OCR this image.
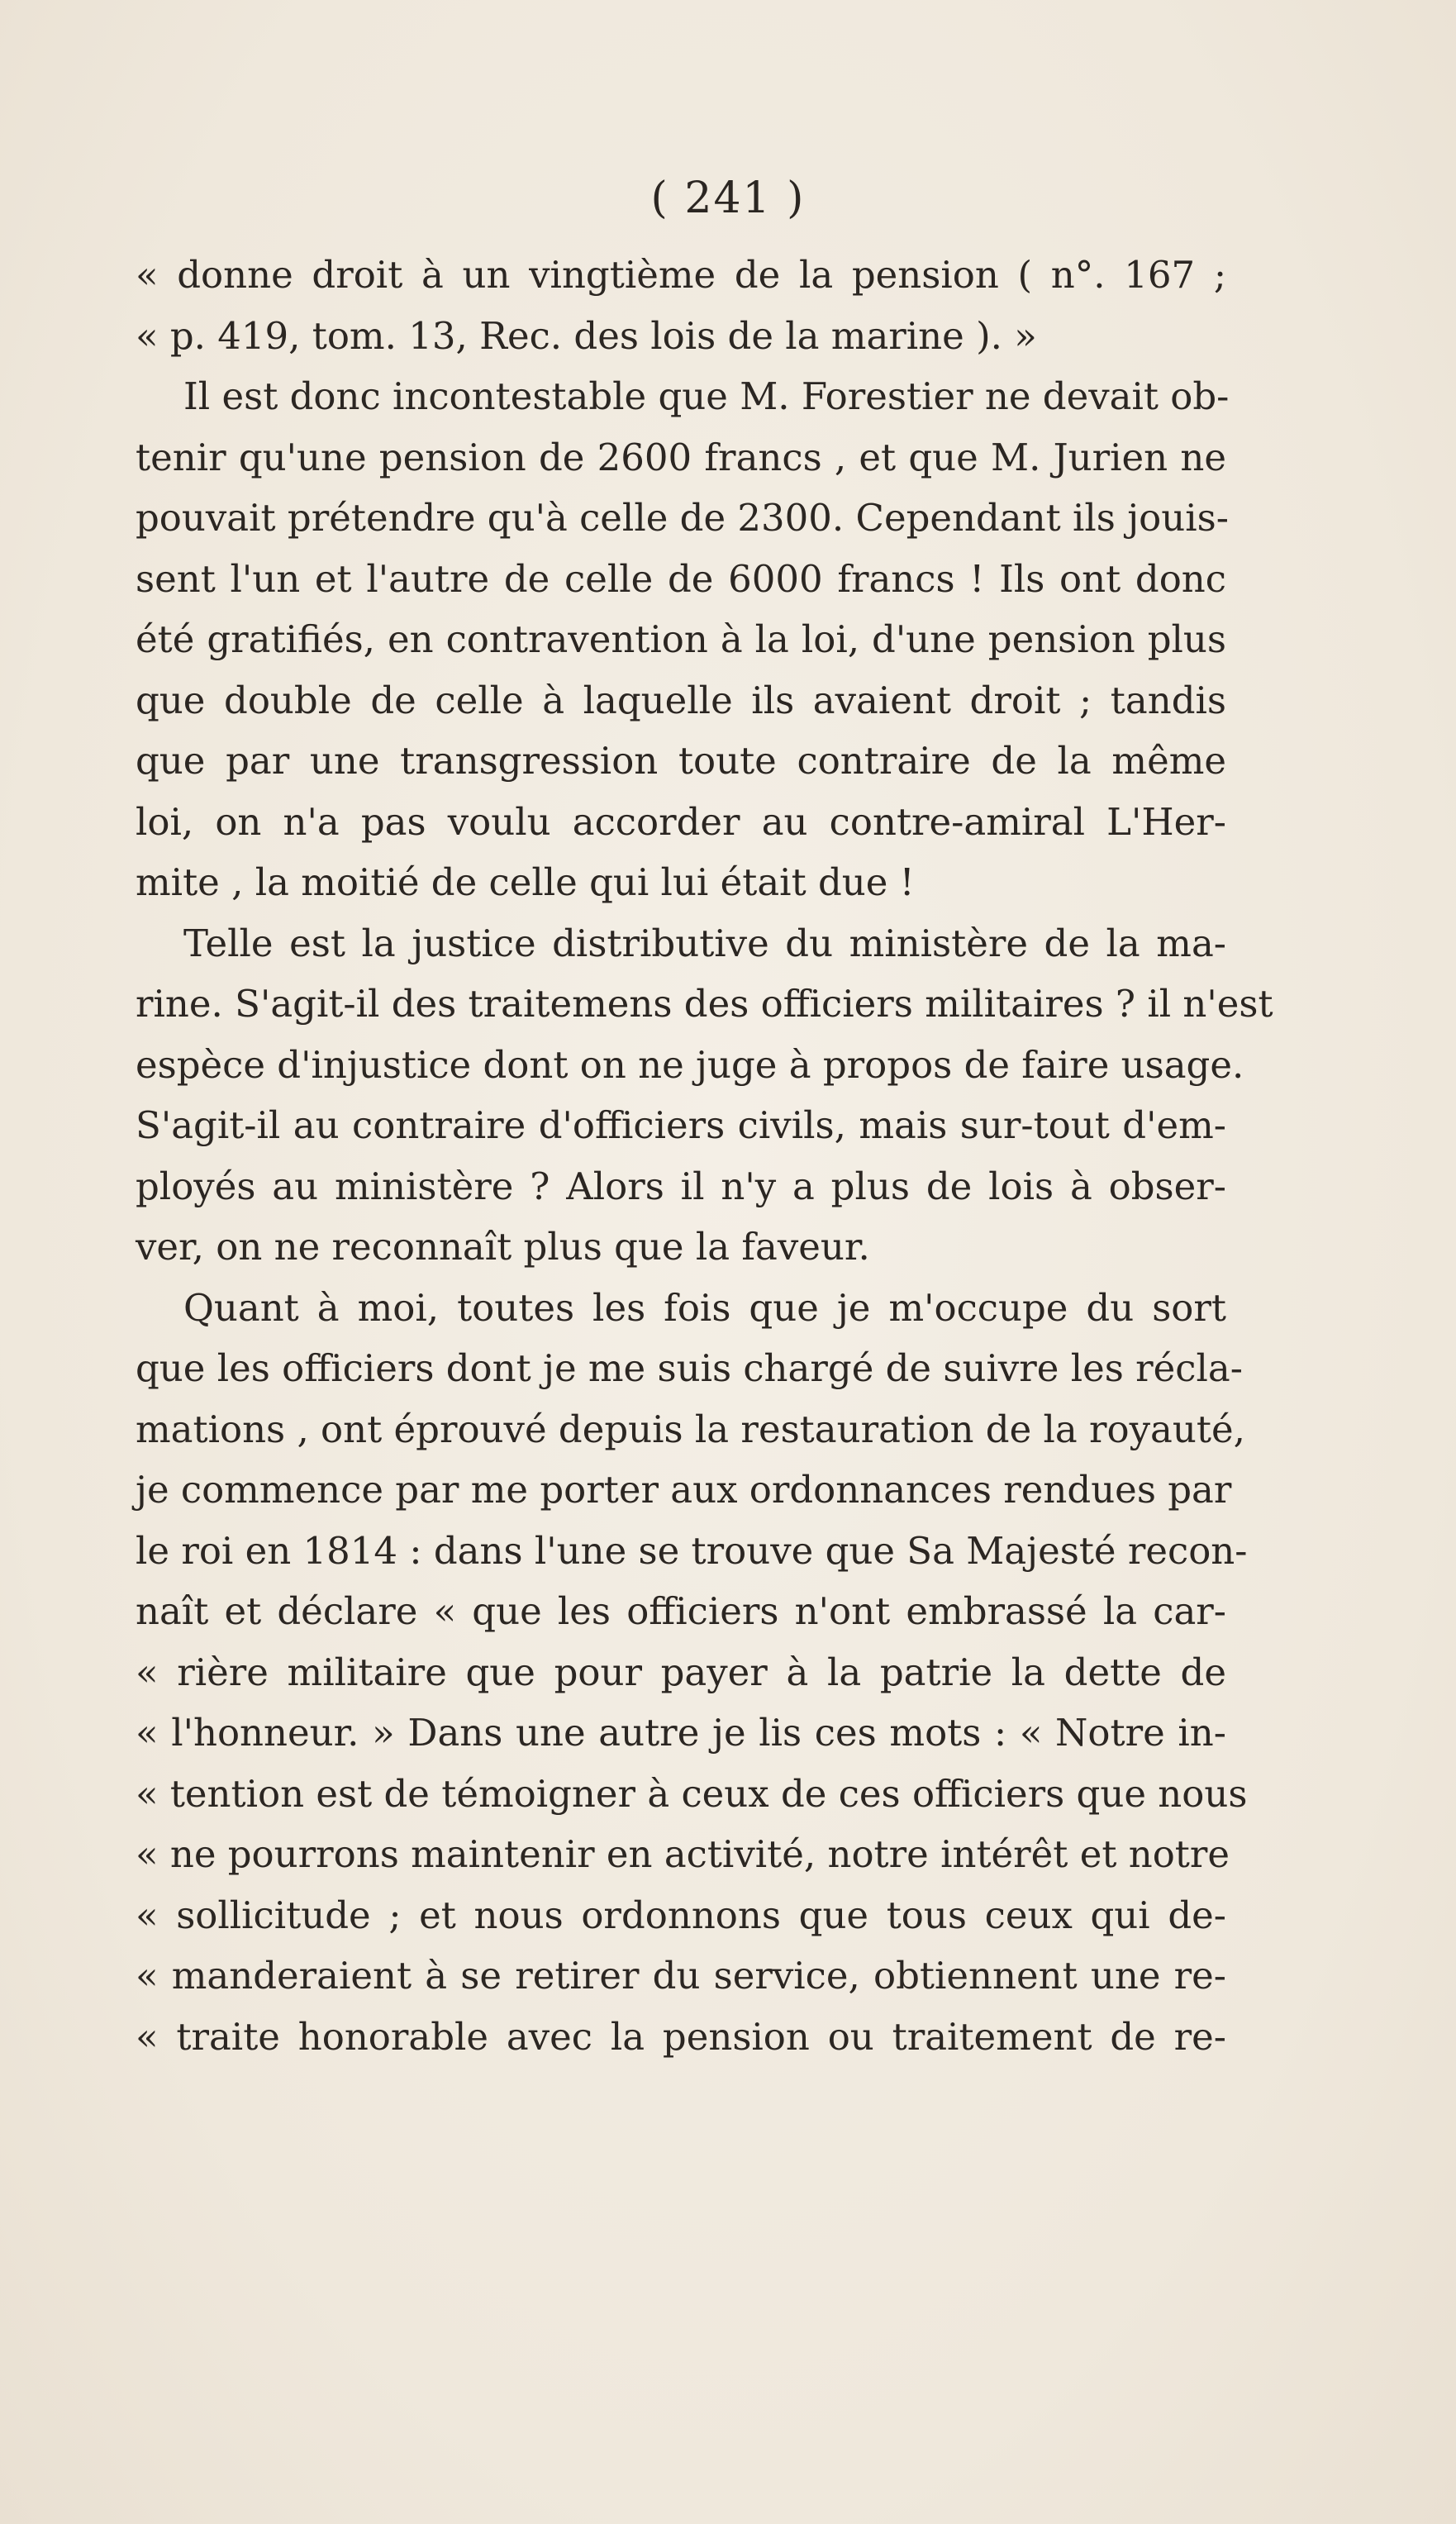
( 241 )
« donne droit à un vingtième de la pension ( n°. 167 ;
« p. 419, tom. 13, Rec. des lois de la marine ). »
Il est donc incontestable que M. Forestier ne devait ob-
tenir qu'une pension de 2600 francs , et que M. Jurien ne
pouvait prétendre qu'à celle de 2300. Cependant ils jouis-
sent l'un et l'autre de celle de 6000 francs ! Ils ont donc
été gratifiés, en contravention à la loi, d'une pension plus
que double de celle à laquelle ils avaient droit ; tandis
que par une transgression toute contraire de la même
loi, on n'a pas voulu accorder au contre-amiral L'Her-
mite , la moitié de celle qui lui était due !
Telle est la justice distributive du ministère de la ma-
rine. S'agit-il des traitemens des officiers militaires ? il n'est
espèce d'injustice dont on ne juge à propos de faire usage.
S'agit-il au contraire d'officiers civils, mais sur-tout d'em-
ployés au ministère ? Alors il n'y a plus de lois à obser-
ver, on ne reconnaît plus que la faveur.
Quant à moi, toutes les fois que je m'occupe du sort
que les officiers dont je me suis chargé de suivre les récla-
mations , ont éprouvé depuis la restauration de la royauté,
je commence par me porter aux ordonnances rendues par
le roi en 1814 : dans l'une se trouve que Sa Majesté recon-
naît et déclare « que les officiers n'ont embrassé la car-
« rière militaire que pour payer à la patrie la dette de
« l'honneur. » Dans une autre je lis ces mots : « Notre in-
« tention est de témoigner à ceux de ces officiers que nous
« ne pourrons maintenir en activité, notre intérêt et notre
« sollicitude ; et nous ordonnons que tous ceux qui de-
« manderaient à se retirer du service, obtiennent une re-
« traite honorable avec la pension ou traitement de re-
